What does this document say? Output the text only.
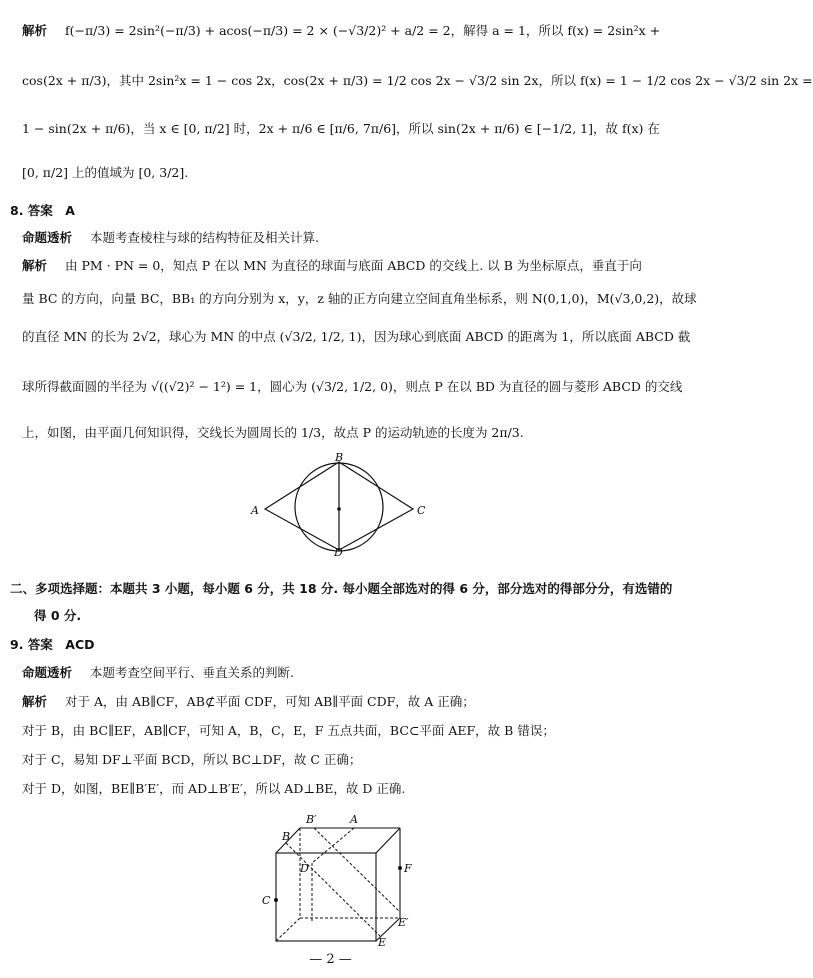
解析 f(−π/3) = 2sin²(−π/3) + acos(−π/3) = 2 × (−√3/2)² + a/2 = 2，解得 a = 1，所以 f(x) = 2sin²x +
cos(2x + π/3)，其中 2sin²x = 1 − cos 2x，cos(2x + π/3) = 1/2 cos 2x − √3/2 sin 2x，所以 f(x) = 1 − 1/2 cos 2x − √3/2 sin 2x =
1 − sin(2x + π/6)，当 x ∈ [0, π/2] 时，2x + π/6 ∈ [π/6, 7π/6]，所以 sin(2x + π/6) ∈ [−1/2, 1]，故 f(x) 在
[0, π/2] 上的值域为 [0, 3/2].
8. 答案　A
命题透析 本题考查棱柱与球的结构特征及相关计算.
解析 由 PM · PN = 0，知点 P 在以 MN 为直径的球面与底面 ABCD 的交线上. 以 B 为坐标原点，垂直于向
量 BC 的方向，向量 BC，BB₁ 的方向分别为 x，y，z 轴的正方向建立空间直角坐标系，则 N(0,1,0)，M(√3,0,2)，故球
的直径 MN 的长为 2√2，球心为 MN 的中点 (√3/2, 1/2, 1)，因为球心到底面 ABCD 的距离为 1，所以底面 ABCD 截
球所得截面圆的半径为 √((√2)² − 1²) = 1，圆心为 (√3/2, 1/2, 0)，则点 P 在以 BD 为直径的圆与菱形 ABCD 的交线
上，如图，由平面几何知识得，交线长为圆周长的 1/3，故点 P 的运动轨迹的长度为 2π/3.
A
B
C
D
二、多项选择题：本题共 3 小题，每小题 6 分，共 18 分. 每小题全部选对的得 6 分，部分选对的得部分分，有选错的
得 0 分.
9. 答案　ACD
命题透析 本题考查空间平行、垂直关系的判断.
解析 对于 A，由 AB∥CF，AB⊄平面 CDF，可知 AB∥平面 CDF，故 A 正确；
对于 B，由 BC∥EF，AB∥CF，可知 A，B，C，E，F 五点共面，BC⊂平面 AEF，故 B 错误；
对于 C，易知 DF⊥平面 BCD，所以 BC⊥DF，故 C 正确；
对于 D，如图，BE∥B′E′，而 AD⊥B′E′，所以 AD⊥BE，故 D 正确.
B′	A
B
D	F
C
E′
E
— 2 —
